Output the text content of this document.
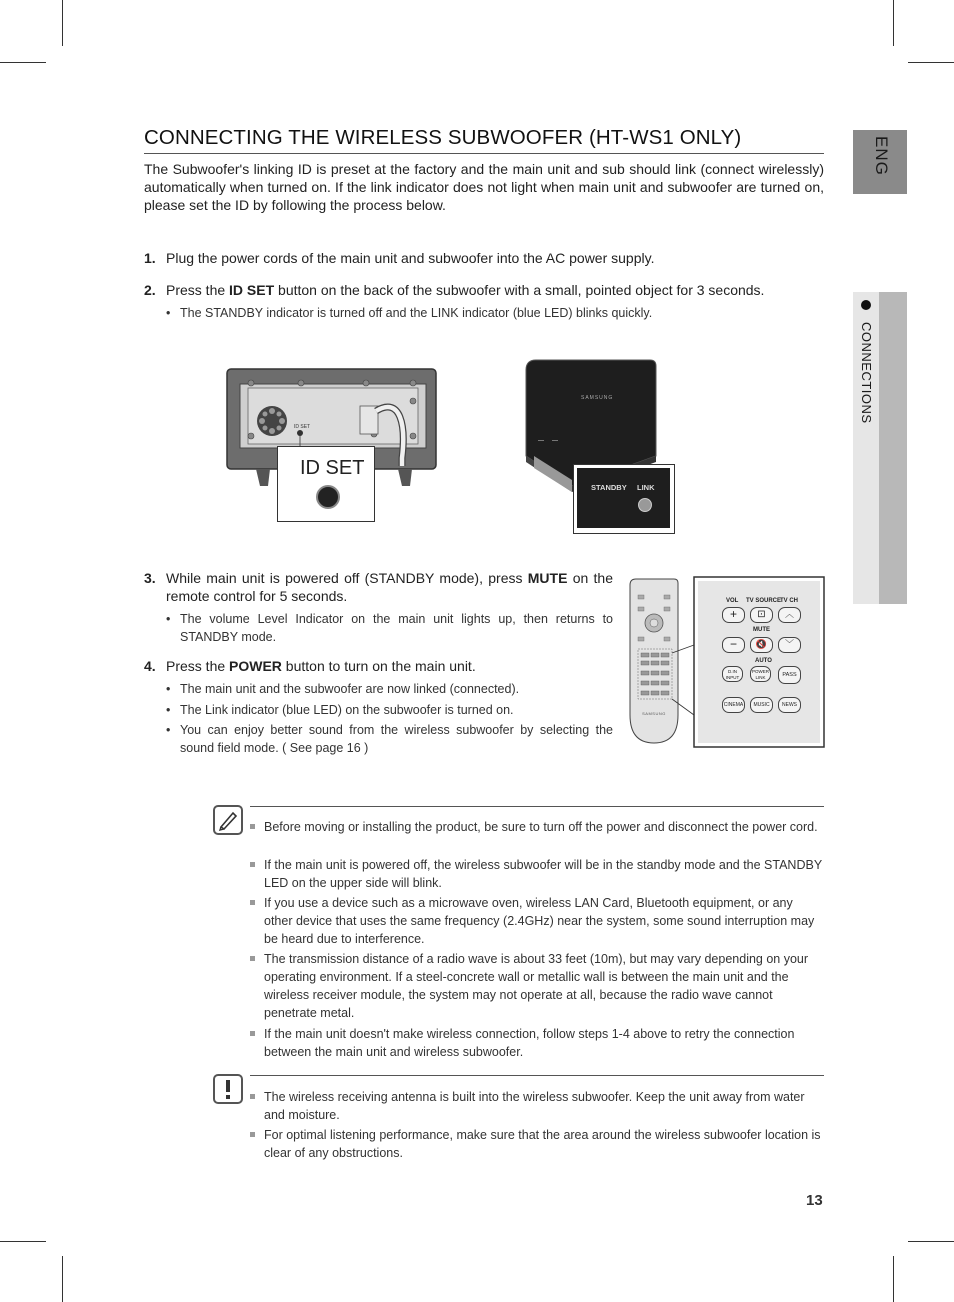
ENG
CONNECTIONS
CONNECTING THE WIRELESS SUBWOOFER (HT-WS1 ONLY)
The Subwoofer's linking ID is preset at the factory and the main unit and sub should link (connect wirelessly) automatically when turned on. If the link indicator does not light when main unit and subwoofer are turned on, please set the ID by following the process below.
1. Plug the power cords of the main unit and subwoofer into the AC power supply.
2. Press the ID SET button on the back of the subwoofer with a small, pointed object for 3 seconds.
• The STANDBY indicator is turned off and the LINK indicator (blue LED) blinks quickly.
ID SET
ID SET
SAMSUNG
STANDBY LINK
3. While main unit is powered off (STANDBY mode), press MUTE on the remote control for 5 seconds.
• The volume Level Indicator on the main unit lights up, then returns to STANDBY mode.
4. Press the POWER button to turn on the main unit.
• The main unit and the subwoofer are now linked (connected).
• The Link indicator (blue LED) on the subwoofer is turned on.
• You can enjoy better sound from the wireless subwoofer by selecting the sound field mode. ( See page 16 )
SAMSUNG
VOL TV SOURCE
TV CH
+	⊡	︿
MUTE
−	🔇	﹀
AUTO
D.IN
INPUT
POWER
LINK	PASS
CINEMA	MUSIC	NEWS
Before moving or installing the product, be sure to turn off the power and disconnect the power cord.
If the main unit is powered off, the wireless subwoofer will be in the standby mode and the STANDBY LED on the upper side will blink.
If you use a device such as a microwave oven, wireless LAN Card, Bluetooth equipment, or any other device that uses the same frequency (2.4GHz) near the system, some sound interruption may be heard due to interference.
The transmission distance of a radio wave is about 33 feet (10m), but may vary depending on your operating environment. If a steel-concrete wall or metallic wall is between the main unit and the wireless receiver module, the system may not operate at all, because the radio wave cannot penetrate metal.
If the main unit doesn't make wireless connection, follow steps 1-4 above to retry the connection between the main unit and wireless subwoofer.
The wireless receiving antenna is built into the wireless subwoofer. Keep the unit away from water and moisture.
For optimal listening performance, make sure that the area around the wireless subwoofer location is clear of any obstructions.
13
